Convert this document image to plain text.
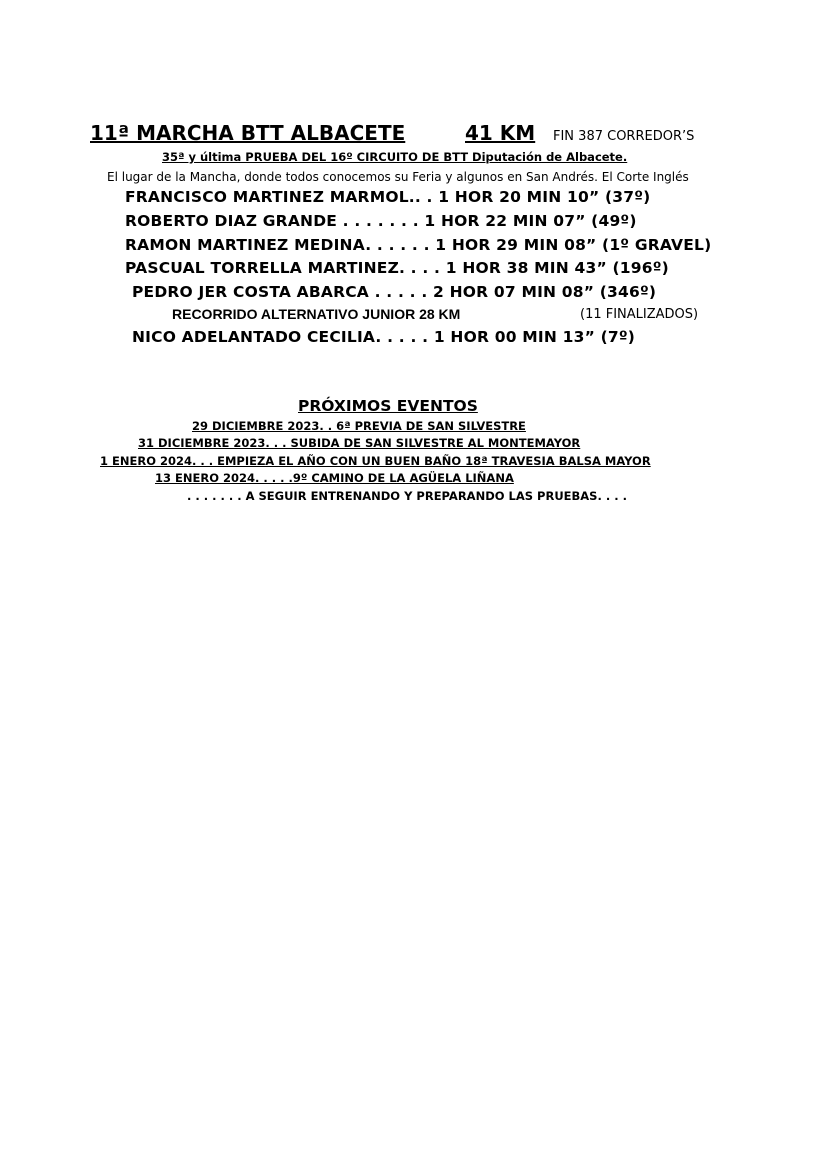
11ª MARCHA BTT ALBACETE	41 KM FIN 387 CORREDOR’S
35ª y última PRUEBA DEL 16º CIRCUITO DE BTT Diputación de Albacete.
El lugar de la Mancha, donde todos conocemos su Feria y algunos en San Andrés. El Corte Inglés
FRANCISCO MARTINEZ MARMOL.. . 1 HOR 20 MIN 10” (37º)
ROBERTO DIAZ GRANDE . . . . . . . 1 HOR 22 MIN 07” (49º)
RAMON MARTINEZ MEDINA. . . . . . 1 HOR 29 MIN 08” (1º GRAVEL)
PASCUAL TORRELLA MARTINEZ. . . . 1 HOR 38 MIN 43” (196º)
PEDRO JER COSTA ABARCA . . . . . 2 HOR 07 MIN 08” (346º)
RECORRIDO ALTERNATIVO JUNIOR 28 KM	(11 FINALIZADOS)
NICO ADELANTADO CECILIA. . . . . 1 HOR 00 MIN 13” (7º)
PRÓXIMOS EVENTOS
29 DICIEMBRE 2023. . 6ª PREVIA DE SAN SILVESTRE
31 DICIEMBRE 2023. . . SUBIDA DE SAN SILVESTRE AL MONTEMAYOR
1 ENERO 2024. . . EMPIEZA EL AÑO CON UN BUEN BAÑO 18ª TRAVESIA BALSA MAYOR
13 ENERO 2024. . . . .9º CAMINO DE LA AGÜELA LIÑANA
. . . . . . . A SEGUIR ENTRENANDO Y PREPARANDO LAS PRUEBAS. . . .
